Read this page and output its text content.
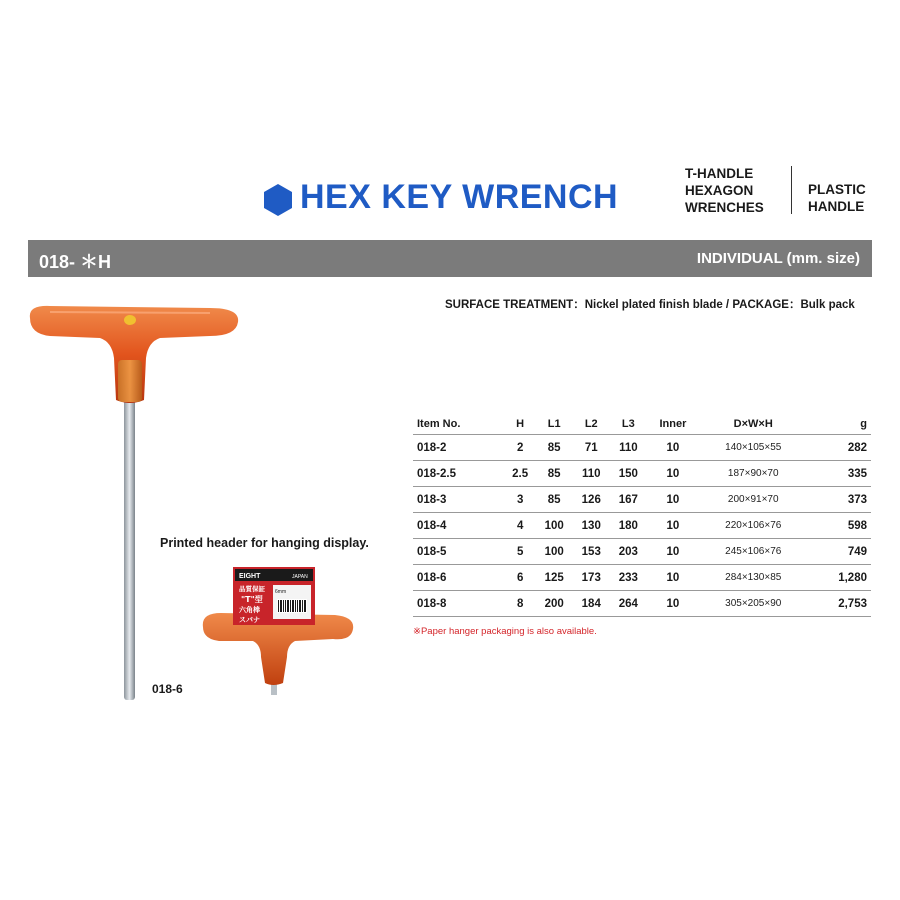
HEX KEY WRENCH
T-HANDLE
HEXAGON
WRENCHES
PLASTIC
HANDLE
018- ＊H	INDIVIDUAL (mm. size)
SURFACE TREATMENT：Nickel plated finish blade / PACKAGE：Bulk pack
018-6
Printed header for hanging display.
EIGHT	JAPAN
品質保証
"T"型
六角棒
スパナ
6mm
Item No.	H	L1	L2	L3	Inner	D×W×H	g
018-2	2	85	71	110	10	140×105×55	282
018-2.5	2.5	85	110	150	10	187×90×70	335
018-3	3	85	126	167	10	200×91×70	373
018-4	4	100	130	180	10	220×106×76	598
018-5	5	100	153	203	10	245×106×76	749
018-6	6	125	173	233	10	284×130×85	1,280
018-8	8	200	184	264	10	305×205×90	2,753
※Paper hanger packaging is also available.
